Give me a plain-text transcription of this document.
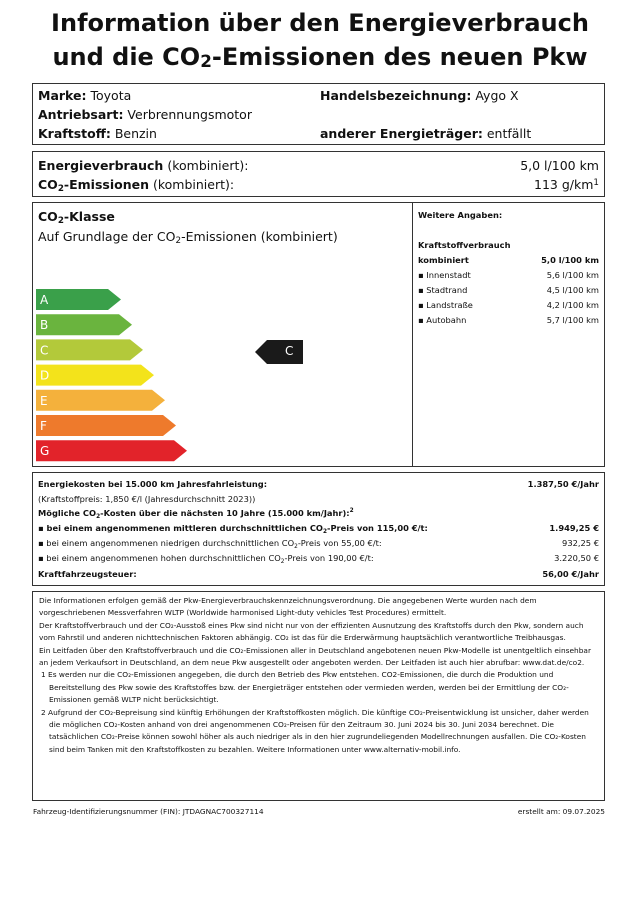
Information über den Energieverbrauch
und die $CO_2$-Emissionen des neuen Pkw
Marke: Toyota	Handelsbezeichnung: Aygo X
Antriebsart: Verbrennungsmotor
Kraftstoff: Benzin	anderer Energieträger: entfällt
Energieverbrauch (kombiniert):	5,0 l/100 km
$CO_2$-Emissionen (kombiniert):	113 $g/km^1$
$CO_2$-Klasse
Auf Grundlage der $CO_2$-Emissionen (kombiniert)
A
B
C
D
E
F
G
C
Weitere Angaben:
Kraftstoffverbrauch
kombiniert	5,0 l/100 km
▪ Innenstadt	5,6 l/100 km
▪ Stadtrand	4,5 l/100 km
▪ Landstraße	4,2 l/100 km
▪ Autobahn	5,7 l/100 km
Energiekosten bei 15.000 km Jahresfahrleistung:	1.387,50 €/Jahr
(Kraftstoffpreis: 1,850 €/l (Jahresdurchschnitt 2023))
Mögliche $CO_2$-Kosten über die nächsten 10 Jahre (15.000 km/Jahr):$^2$
▪ bei einem angenommenen mittleren durchschnittlichen $CO_2$-Preis von 115,00 €/t:	1.949,25 €
▪ bei einem angenommenen niedrigen durchschnittlichen $CO_2$-Preis von 55,00 €/t:	932,25 €
▪ bei einem angenommenen hohen durchschnittlichen $CO_2$-Preis von 190,00 €/t:	3.220,50 €
Kraftfahrzeugsteuer:	56,00 €/Jahr

Die Informationen erfolgen gemäß der Pkw-Energieverbrauchskennzeichnungsverordnung. Die angegebenen Werte wurden nach dem vorgeschriebenen Messverfahren WLTP (Worldwide harmonised Light-duty vehicles Test Procedures) ermittelt.

Der Kraftstoffverbrauch und der CO₂-Ausstoß eines Pkw sind nicht nur von der effizienten Ausnutzung des Kraftstoffs durch den Pkw, sondern auch vom Fahrstil und anderen nichttechnischen Faktoren abhängig. CO₂ ist das für die Erderwärmung hauptsächlich verantwortliche Treibhausgas.

Ein Leitfaden über den Kraftstoffverbrauch und die CO₂-Emissionen aller in Deutschland angebotenen neuen Pkw-Modelle ist unentgeltlich einsehbar an jedem Verkaufsort in Deutschland, an dem neue Pkw ausgestellt oder angeboten werden. Der Leitfaden ist auch hier abrufbar: www.dat.de/co2.

1 Es werden nur die CO₂-Emissionen angegeben, die durch den Betrieb des Pkw entstehen. CO2-Emissionen, die durch die Produktion und Bereitstellung des Pkw sowie des Kraftstoffes bzw. der Energieträger entstehen oder vermieden werden, werden bei der Ermittlung der CO₂-Emissionen gemäß WLTP nicht berücksichtigt.

2 Aufgrund der CO₂-Bepreisung sind künftig Erhöhungen der Kraftstoffkosten möglich. Die künftige CO₂-Preisentwicklung ist unsicher, daher werden die möglichen CO₂-Kosten anhand von drei angenommenen CO₂-Preisen für den Zeitraum 30. Juni 2024 bis 30. Juni 2034 berechnet. Die tatsächlichen CO₂-Preise können sowohl höher als auch niedriger als in den hier zugrundeliegenden Modellrechnungen ausfallen. Die CO₂-Kosten sind beim Tanken mit den Kraftstoffkosten zu bezahlen. Weitere Informationen unter www.alternativ-mobil.info.

Fahrzeug-Identifizierungsnummer (FIN): JTDAGNAC700327114	erstellt am: 09.07.2025
